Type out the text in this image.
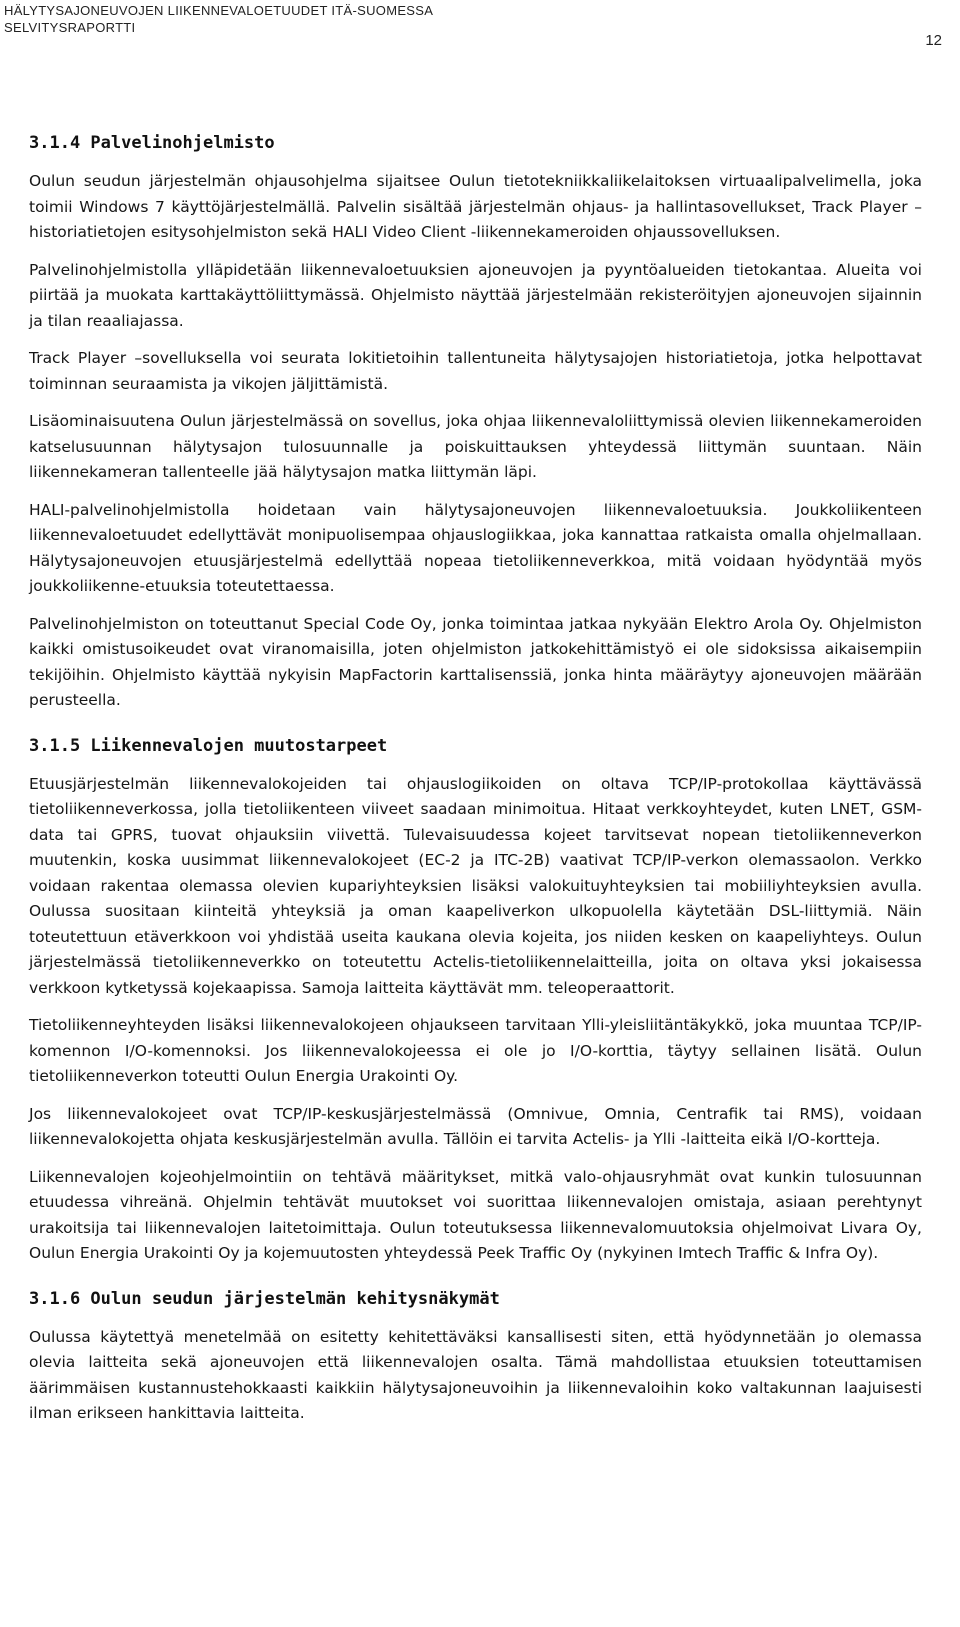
HÄLYTYSAJONEUVOJEN LIIKENNEVALOETUUDET ITÄ-SUOMESSA
SELVITYSRAPORTTI
12
3.1.4 Palvelinohjelmisto

Oulun seudun järjestelmän ohjausohjelma sijaitsee Oulun tietotekniikkaliikelaitoksen virtuaalipalvelimella, joka toimii Windows 7 käyttöjärjestelmällä. Palvelin sisältää järjestelmän ohjaus- ja hallintasovellukset, Track Player –historiatietojen esitysohjelmiston sekä HALI Video Client -liikennekameroiden ohjaussovelluksen.

Palvelinohjelmistolla ylläpidetään liikennevaloetuuksien ajoneuvojen ja pyyntöalueiden tietokantaa. Alueita voi piirtää ja muokata karttakäyttöliittymässä. Ohjelmisto näyttää järjestelmään rekisteröityjen ajoneuvojen sijainnin ja tilan reaaliajassa.

Track Player –sovelluksella voi seurata lokitietoihin tallentuneita hälytysajojen historiatietoja, jotka helpottavat toiminnan seuraamista ja vikojen jäljittämistä.

Lisäominaisuutena Oulun järjestelmässä on sovellus, joka ohjaa liikennevaloliittymissä olevien liikennekameroiden katselusuunnan hälytysajon tulosuunnalle ja poiskuittauksen yhteydessä liittymän suuntaan. Näin liikennekameran tallenteelle jää hälytysajon matka liittymän läpi.

HALI-palvelinohjelmistolla hoidetaan vain hälytysajoneuvojen liikennevaloetuuksia. Joukkoliikenteen liikennevaloetuudet edellyttävät monipuolisempaa ohjauslogiikkaa, joka kannattaa ratkaista omalla ohjelmallaan. Hälytysajoneuvojen etuusjärjestelmä edellyttää nopeaa tietoliikenneverkkoa, mitä voidaan hyödyntää myös joukkoliikenne-etuuksia toteutettaessa.

Palvelinohjelmiston on toteuttanut Special Code Oy, jonka toimintaa jatkaa nykyään Elektro Arola Oy. Ohjelmiston kaikki omistusoikeudet ovat viranomaisilla, joten ohjelmiston jatkokehittämistyö ei ole sidoksissa aikaisempiin tekijöihin. Ohjelmisto käyttää nykyisin MapFactorin karttalisenssiä, jonka hinta määräytyy ajoneuvojen määrään perusteella.

3.1.5 Liikennevalojen muutostarpeet

Etuusjärjestelmän liikennevalokojeiden tai ohjauslogiikoiden on oltava TCP/IP-protokollaa käyttävässä tietoliikenneverkossa, jolla tietoliikenteen viiveet saadaan minimoitua. Hitaat verkkoyhteydet, kuten LNET, GSM-data tai GPRS, tuovat ohjauksiin viivettä. Tulevaisuudessa kojeet tarvitsevat nopean tietoliikenneverkon muutenkin, koska uusimmat liikennevalokojeet (EC-2 ja ITC-2B) vaativat TCP/IP-verkon olemassaolon. Verkko voidaan rakentaa olemassa olevien kupariyhteyksien lisäksi valokuituyhteyksien tai mobiiliyhteyksien avulla. Oulussa suositaan kiinteitä yhteyksiä ja oman kaapeliverkon ulkopuolella käytetään DSL-liittymiä. Näin toteutettuun etäverkkoon voi yhdistää useita kaukana olevia kojeita, jos niiden kesken on kaapeliyhteys. Oulun järjestelmässä tietoliikenneverkko on toteutettu Actelis-tietoliikennelaitteilla, joita on oltava yksi jokaisessa verkkoon kytketyssä kojekaapissa. Samoja laitteita käyttävät mm. teleoperaattorit.

Tietoliikenneyhteyden lisäksi liikennevalokojeen ohjaukseen tarvitaan Ylli-yleisliitäntäkykkö, joka muuntaa TCP/IP-komennon I/O-komennoksi. Jos liikennevalokojeessa ei ole jo I/O-korttia, täytyy sellainen lisätä. Oulun tietoliikenneverkon toteutti Oulun Energia Urakointi Oy.

Jos liikennevalokojeet ovat TCP/IP-keskusjärjestelmässä (Omnivue, Omnia, Centrafik tai RMS), voidaan liikennevalokojetta ohjata keskusjärjestelmän avulla. Tällöin ei tarvita Actelis- ja Ylli -laitteita eikä I/O-kortteja.

Liikennevalojen kojeohjelmointiin on tehtävä määritykset, mitkä valo-ohjausryhmät ovat kunkin tulosuunnan etuudessa vihreänä. Ohjelmin tehtävät muutokset voi suorittaa liikennevalojen omistaja, asiaan perehtynyt urakoitsija tai liikennevalojen laitetoimittaja. Oulun toteutuksessa liikennevalomuutoksia ohjelmoivat Livara Oy, Oulun Energia Urakointi Oy ja kojemuutosten yhteydessä Peek Traffic Oy (nykyinen Imtech Traffic & Infra Oy).

3.1.6 Oulun seudun järjestelmän kehitysnäkymät

Oulussa käytettyä menetelmää on esitetty kehitettäväksi kansallisesti siten, että hyödynnetään jo olemassa olevia laitteita sekä ajoneuvojen että liikennevalojen osalta. Tämä mahdollistaa etuuksien toteuttamisen äärimmäisen kustannustehokkaasti kaikkiin hälytysajoneuvoihin ja liikennevaloihin koko valtakunnan laajuisesti ilman erikseen hankittavia laitteita.
